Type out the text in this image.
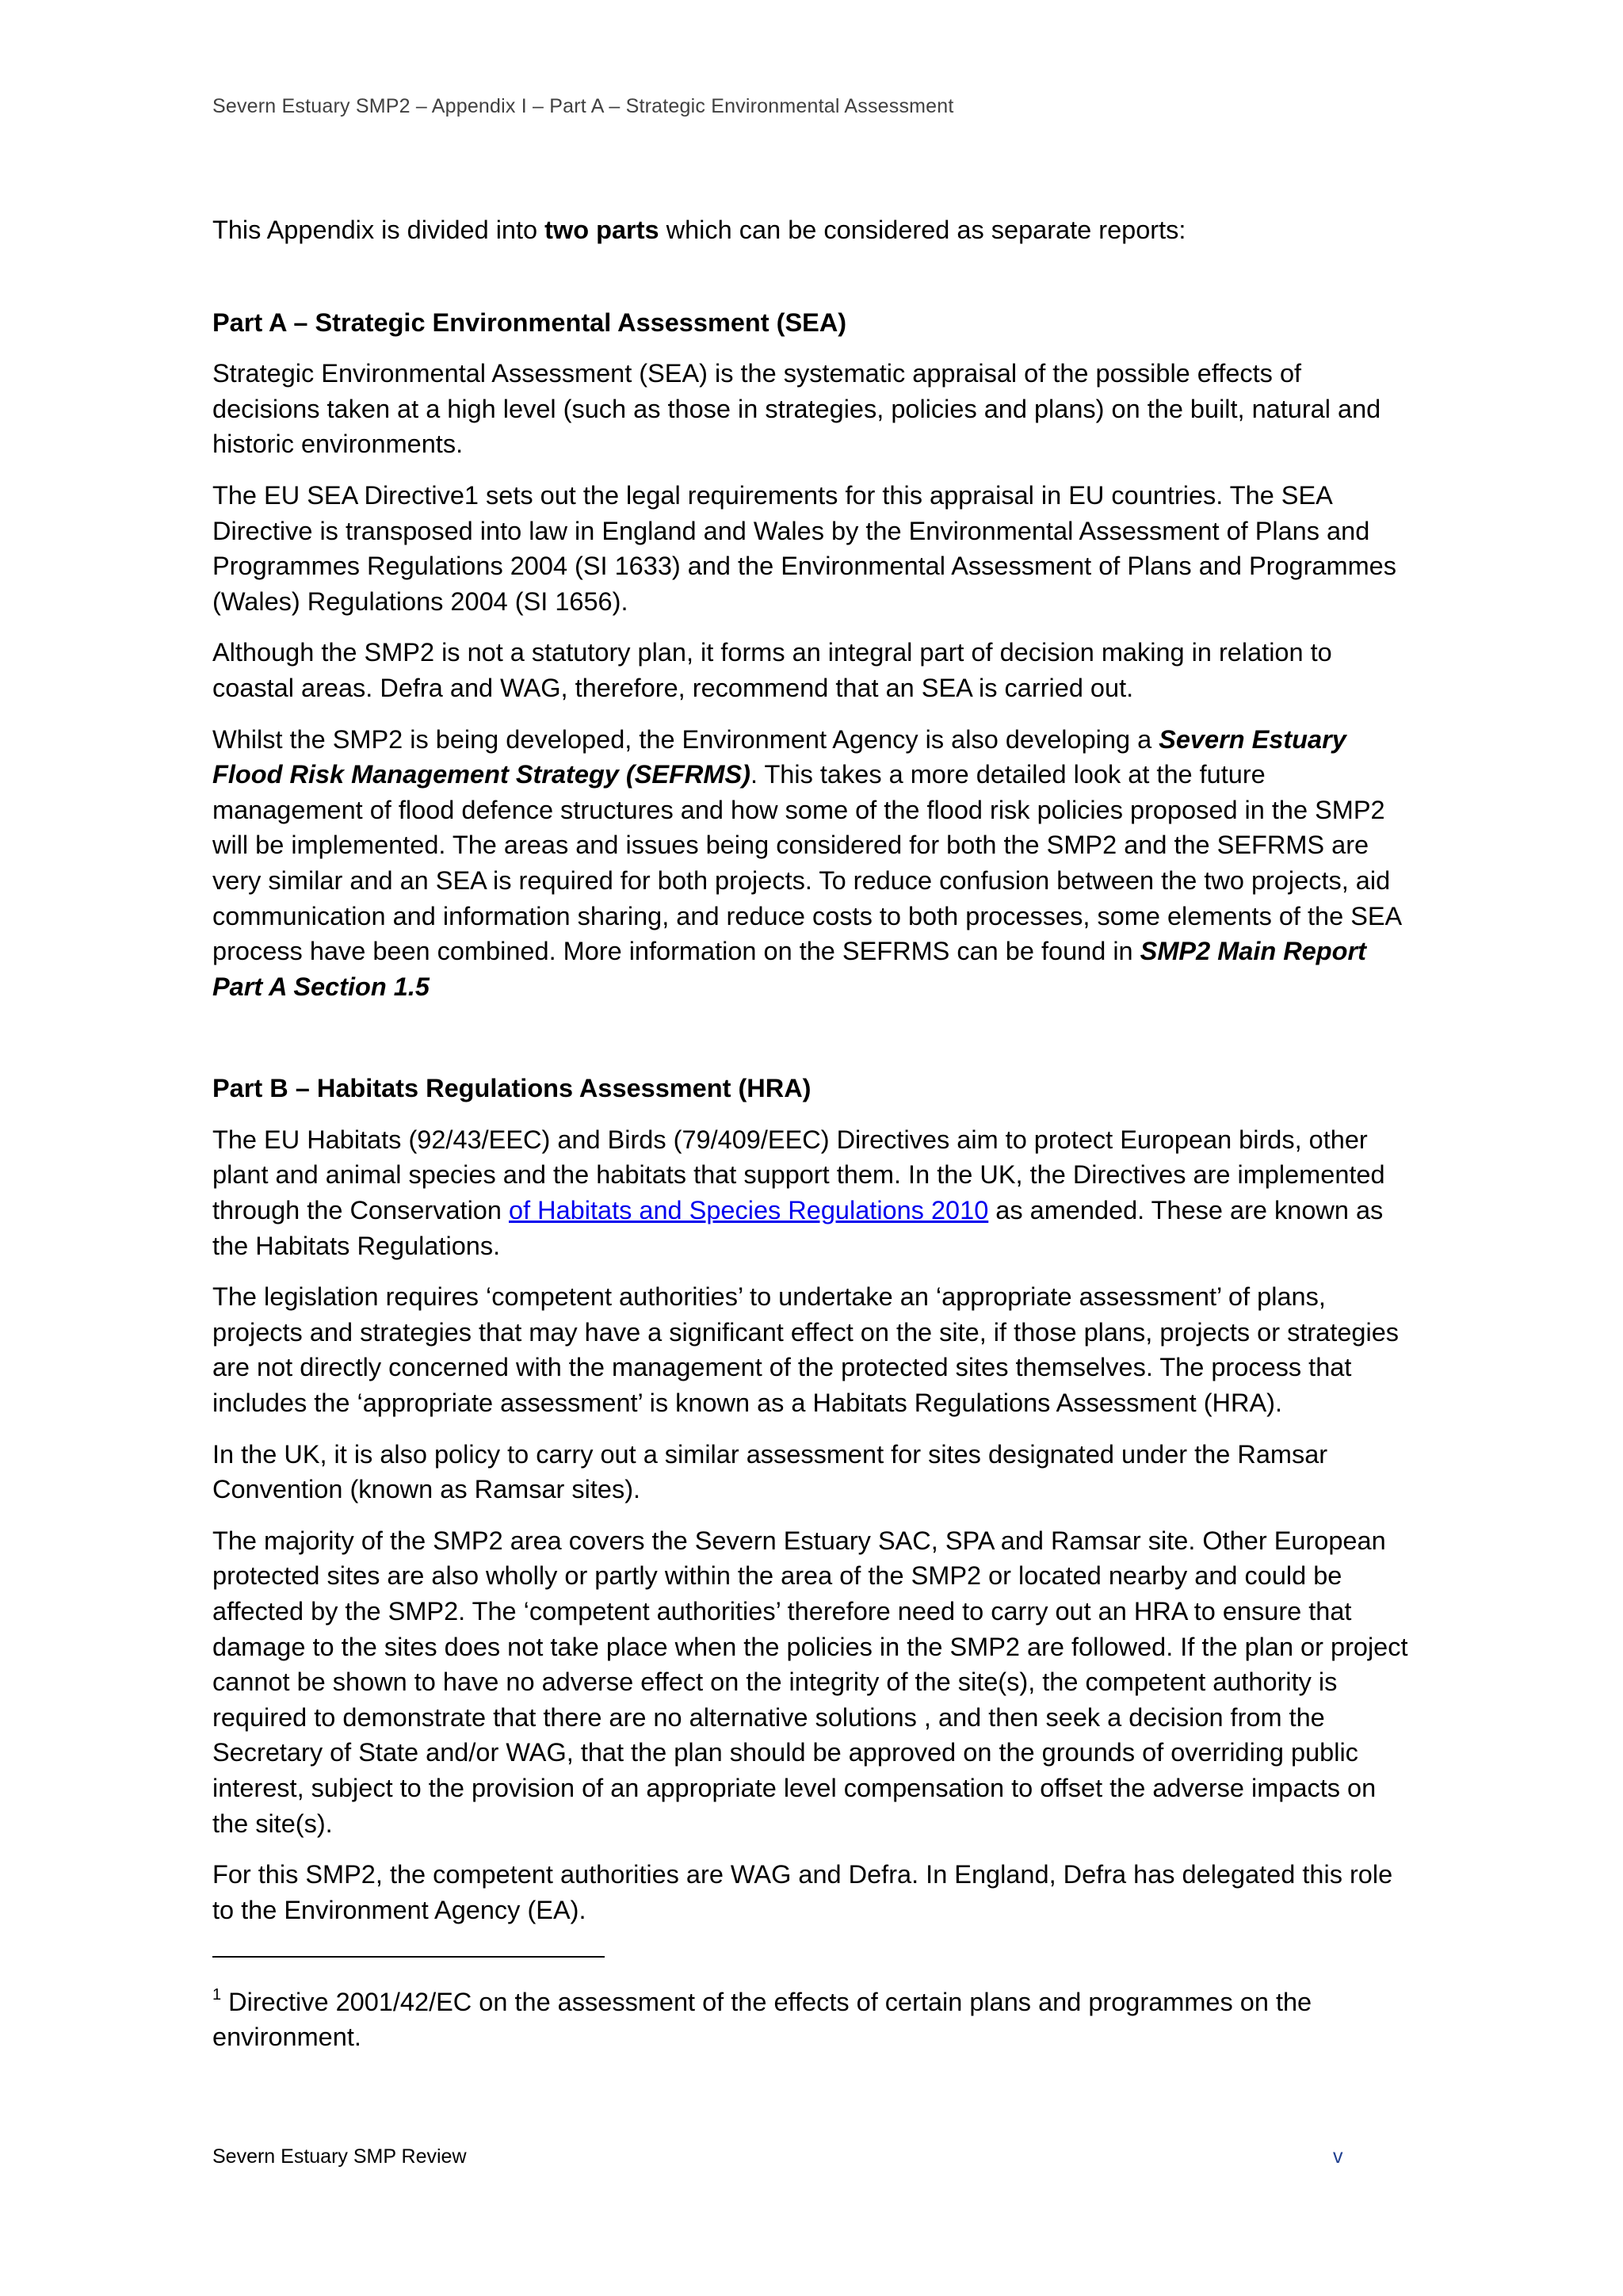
Severn Estuary SMP2 – Appendix I – Part A – Strategic Environmental Assessment

This Appendix is divided into two parts which can be considered as separate reports:

Part A – Strategic Environmental Assessment (SEA)

Strategic Environmental Assessment (SEA) is the systematic appraisal of the possible effects of decisions taken at a high level (such as those in strategies, policies and plans) on the built, natural and historic environments.

The EU SEA Directive1 sets out the legal requirements for this appraisal in EU countries. The SEA Directive is transposed into law in England and Wales by the Environmental Assessment of Plans and Programmes Regulations 2004 (SI 1633) and the Environmental Assessment of Plans and Programmes (Wales) Regulations 2004 (SI 1656).

Although the SMP2 is not a statutory plan, it forms an integral part of decision making in relation to coastal areas. Defra and WAG, therefore, recommend that an SEA is carried out.

Whilst the SMP2 is being developed, the Environment Agency is also developing a Severn Estuary Flood Risk Management Strategy (SEFRMS). This takes a more detailed look at the future management of flood defence structures and how some of the flood risk policies proposed in the SMP2 will be implemented. The areas and issues being considered for both the SMP2 and the SEFRMS are very similar and an SEA is required for both projects. To reduce confusion between the two projects, aid communication and information sharing, and reduce costs to both processes, some elements of the SEA process have been combined. More information on the SEFRMS can be found in SMP2 Main Report Part A Section 1.5

Part B – Habitats Regulations Assessment (HRA)

The EU Habitats (92/43/EEC) and Birds (79/409/EEC) Directives aim to protect European birds, other plant and animal species and the habitats that support them. In the UK, the Directives are implemented through the Conservation of Habitats and Species Regulations 2010 as amended. These are known as the Habitats Regulations.

The legislation requires ‘competent authorities’ to undertake an ‘appropriate assessment’ of plans, projects and strategies that may have a significant effect on the site, if those plans, projects or strategies are not directly concerned with the management of the protected sites themselves. The process that includes the ‘appropriate assessment’ is known as a Habitats Regulations Assessment (HRA).

In the UK, it is also policy to carry out a similar assessment for sites designated under the Ramsar Convention (known as Ramsar sites).

The majority of the SMP2 area covers the Severn Estuary SAC, SPA and Ramsar site. Other European protected sites are also wholly or partly within the area of the SMP2 or located nearby and could be affected by the SMP2. The ‘competent authorities’ therefore need to carry out an HRA to ensure that damage to the sites does not take place when the policies in the SMP2 are followed. If the plan or project cannot be shown to have no adverse effect on the integrity of the site(s), the competent authority is required to demonstrate that there are no alternative solutions , and then seek a decision from the Secretary of State and/or WAG, that the plan should be approved on the grounds of overriding public interest, subject to the provision of an appropriate level compensation to offset the adverse impacts on the site(s).

For this SMP2, the competent authorities are WAG and Defra. In England, Defra has delegated this role to the Environment Agency (EA).

$^1$ Directive 2001/42/EC on the assessment of the effects of certain plans and programmes on the environment.
Severn Estuary SMP Review	v
